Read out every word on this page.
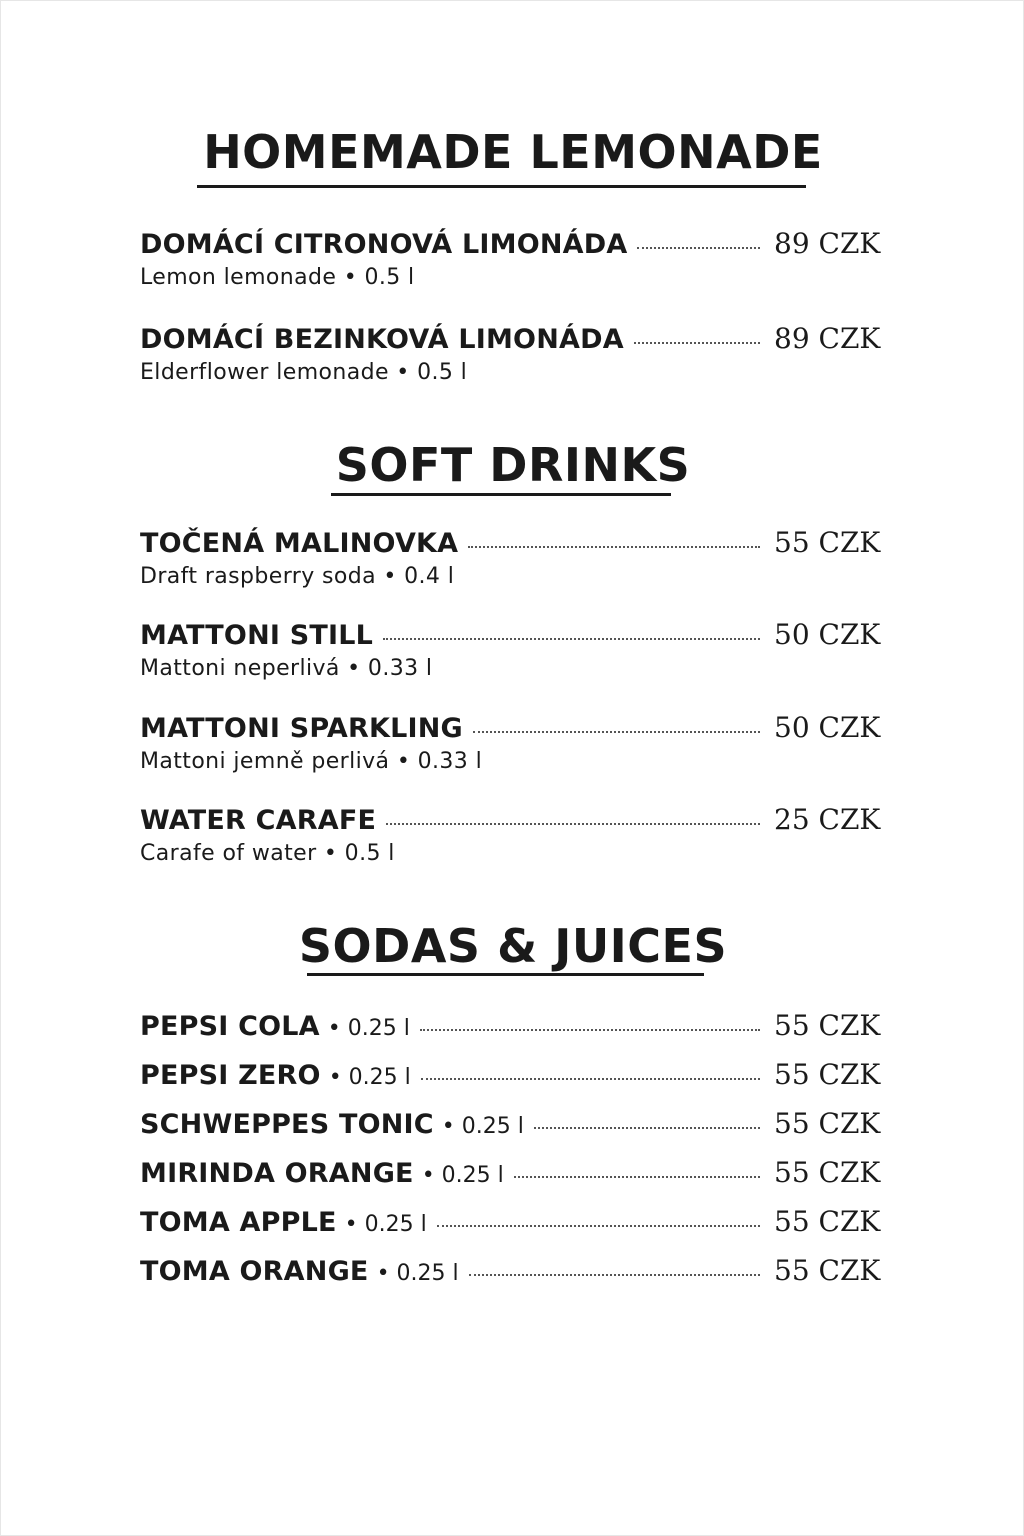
HOMEMADE LEMONADE
DOMÁCÍ CITRONOVÁ LIMONÁDA	89 CZK
Lemon lemonade • 0.5 l
DOMÁCÍ BEZINKOVÁ LIMONÁDA	89 CZK
Elderflower lemonade • 0.5 l
SOFT DRINKS
TOČENÁ MALINOVKA	55 CZK
Draft raspberry soda • 0.4 l
MATTONI STILL	50 CZK
Mattoni neperlivá • 0.33 l
MATTONI SPARKLING	50 CZK
Mattoni jemně perlivá • 0.33 l
WATER CARAFE	25 CZK
Carafe of water • 0.5 l
SODAS & JUICES
PEPSI COLA • 0.25 l	55 CZK
PEPSI ZERO • 0.25 l	55 CZK
SCHWEPPES TONIC • 0.25 l	55 CZK
MIRINDA ORANGE • 0.25 l	55 CZK
TOMA APPLE • 0.25 l	55 CZK
TOMA ORANGE • 0.25 l	55 CZK
